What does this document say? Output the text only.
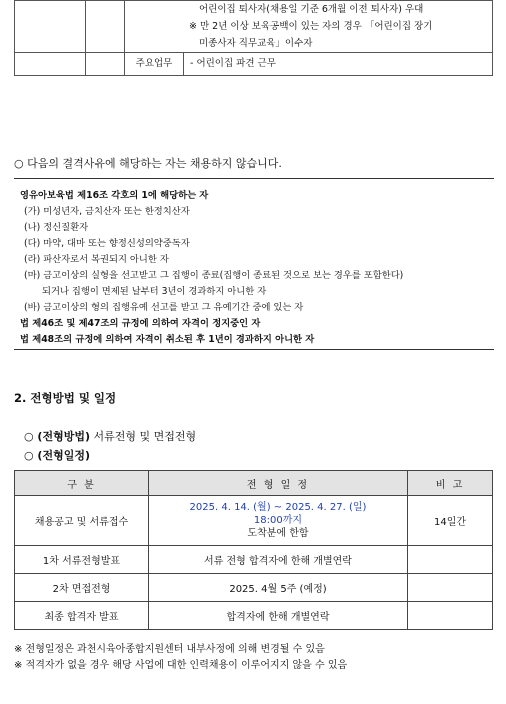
		어린이집 퇴사자(채용일 기준 6개월 이전 퇴사자) 우대
※ 만 2년 이상 보육공백이 있는 자의 경우 「어린이집 장기
미종사자 직무교육」이수자	

		주요업무	- 어린이집 파견 근무
○ 다음의 결격사유에 해당하는 자는 채용하지 않습니다.
영유아보육법 제16조 각호의 1에 해당하는 자
(가) 미성년자, 금치산자 또는 한정치산자
(나) 정신질환자
(다) 마약, 대마 또는 향정신성의약중독자
(라) 파산자로서 복권되지 아니한 자
(마) 금고이상의 실형을 선고받고 그 집행이 종료(집행이 종료된 것으로 보는 경우를 포함한다)
되거나 집행이 면제된 날부터 3년이 경과하지 아니한 자
(바) 금고이상의 형의 집행유예 선고를 받고 그 유예기간 중에 있는 자
법 제46조 및 제47조의 규정에 의하여 자격이 정지중인 자
법 제48조의 규정에 의하여 자격이 취소된 후 1년이 경과하지 아니한 자
2. 전형방법 및 일정
○ (전형방법) 서류전형 및 면접전형
○ (전형일정)
구 분	전 형 일 정	비 고
채용공고 및 서류접수	2025. 4. 14. (월) ~ 2025. 4. 27. (일)
18:00까지
도착분에 한함	14일간
1차 서류전형발표	서류 전형 합격자에 한해 개별연락	
2차 면접전형	2025. 4월 5주 (예정)	
최종 합격자 발표	합격자에 한해 개별연락	
※ 전형일정은 과천시육아종합지원센터 내부사정에 의해 변경될 수 있음
※ 적격자가 없을 경우 해당 사업에 대한 인력채용이 이루어지지 않을 수 있음
